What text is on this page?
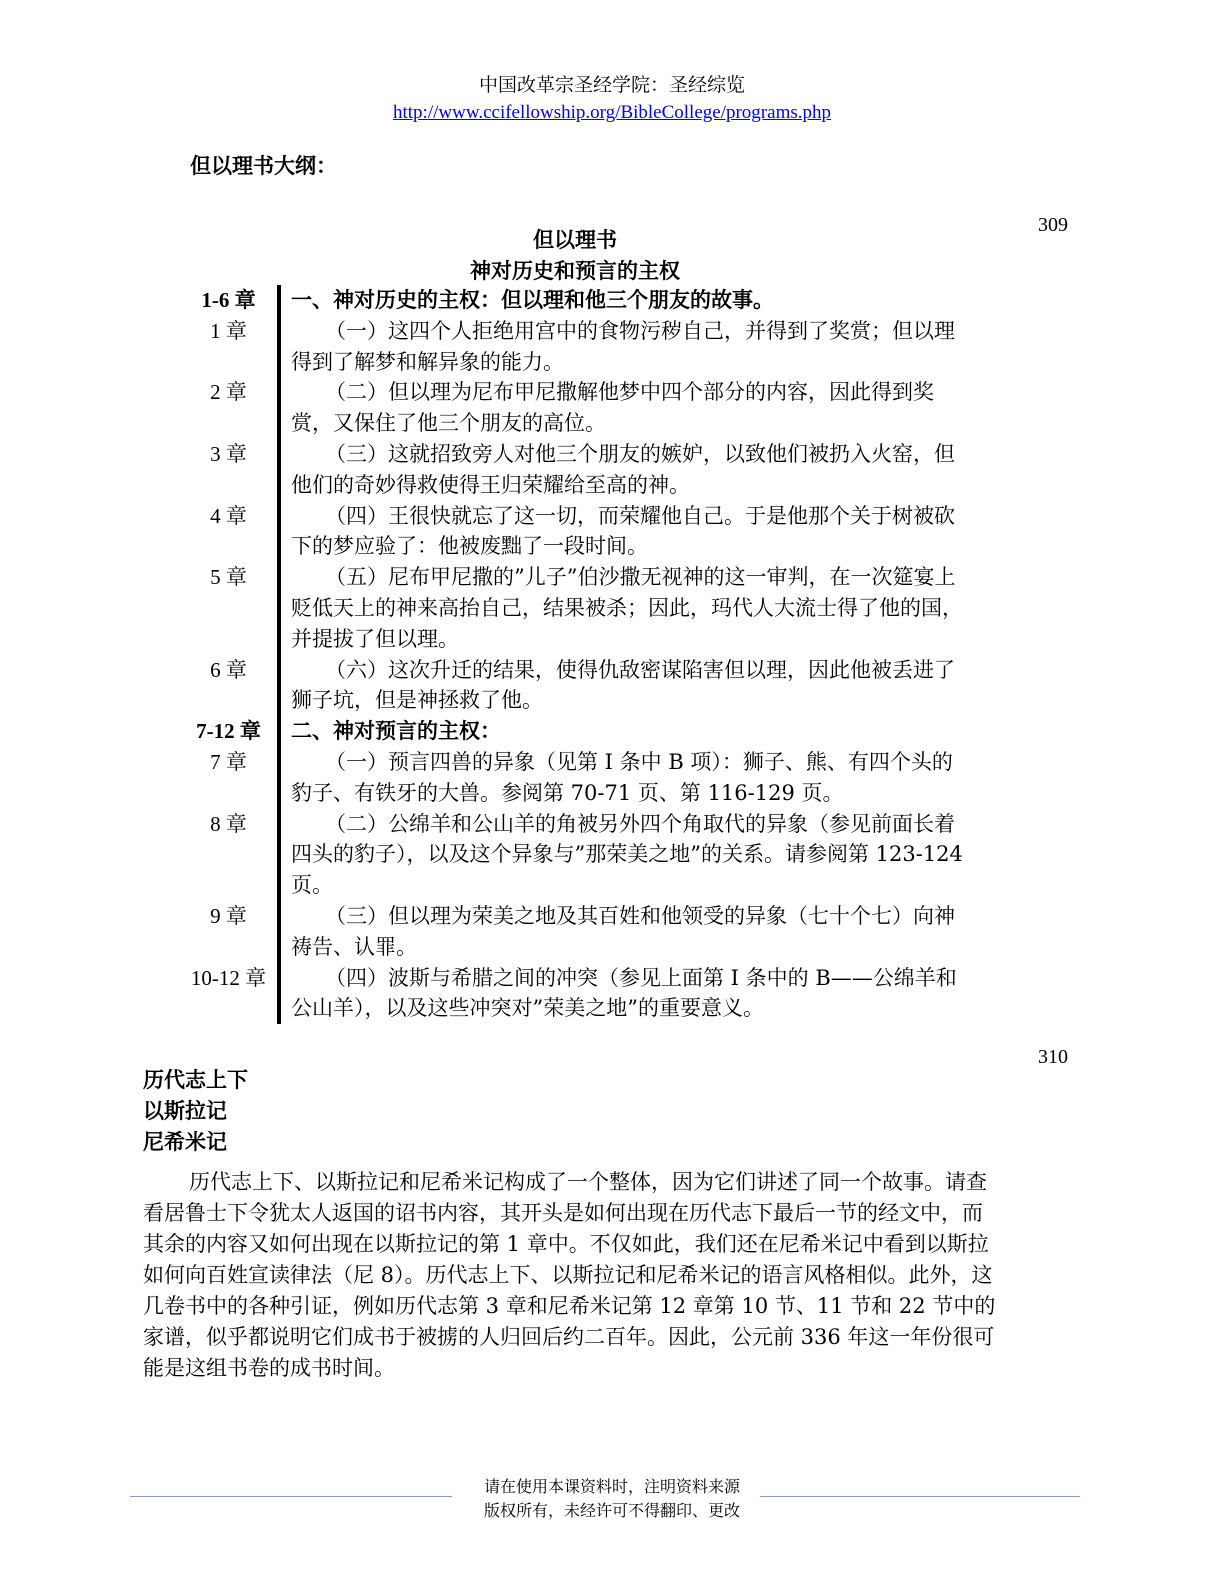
中国改革宗圣经学院：圣经综览
http://www.ccifellowship.org/BibleCollege/programs.php
但以理书大纲：
309
但以理书
神对历史和预言的主权
1-6 章	一、神对历史的主权：但以理和他三个朋友的故事。
1 章	（一）这四个人拒绝用宫中的食物污秽自己，并得到了奖赏；但以理得到了解梦和解异象的能力。
2 章	（二）但以理为尼布甲尼撒解他梦中四个部分的内容，因此得到奖赏，又保住了他三个朋友的高位。
3 章	（三）这就招致旁人对他三个朋友的嫉妒，以致他们被扔入火窑，但他们的奇妙得救使得王归荣耀给至高的神。
4 章	（四）王很快就忘了这一切，而荣耀他自己。于是他那个关于树被砍下的梦应验了：他被废黜了一段时间。
5 章	（五）尼布甲尼撒的”儿子”伯沙撒无视神的这一审判，在一次筵宴上贬低天上的神来高抬自己，结果被杀；因此，玛代人大流士得了他的国，并提拔了但以理。
6 章	（六）这次升迁的结果，使得仇敌密谋陷害但以理，因此他被丢进了狮子坑，但是神拯救了他。
7-12 章	二、神对预言的主权：
7 章	（一）预言四兽的异象（见第 I 条中 B 项）：狮子、熊、有四个头的豹子、有铁牙的大兽。参阅第 70-71 页、第 116-129 页。
8 章	（二）公绵羊和公山羊的角被另外四个角取代的异象（参见前面长着四头的豹子），以及这个异象与”那荣美之地”的关系。请参阅第 123-124 页。
9 章	（三）但以理为荣美之地及其百姓和他领受的异象（七十个七）向神祷告、认罪。
10-12 章	（四）波斯与希腊之间的冲突（参见上面第 I 条中的 B——公绵羊和公山羊），以及这些冲突对”荣美之地”的重要意义。
310
历代志上下
以斯拉记
尼希米记
历代志上下、以斯拉记和尼希米记构成了一个整体，因为它们讲述了同一个故事。请查看居鲁士下令犹太人返国的诏书内容，其开头是如何出现在历代志下最后一节的经文中，而其余的内容又如何出现在以斯拉记的第 1 章中。不仅如此，我们还在尼希米记中看到以斯拉如何向百姓宣读律法（尼 8）。历代志上下、以斯拉记和尼希米记的语言风格相似。此外，这几卷书中的各种引证，例如历代志第 3 章和尼希米记第 12 章第 10 节、11 节和 22 节中的家谱，似乎都说明它们成书于被掳的人归回后约二百年。因此，公元前 336 年这一年份很可能是这组书卷的成书时间。
请在使用本课资料时，注明资料来源
版权所有，未经许可不得翻印、更改
